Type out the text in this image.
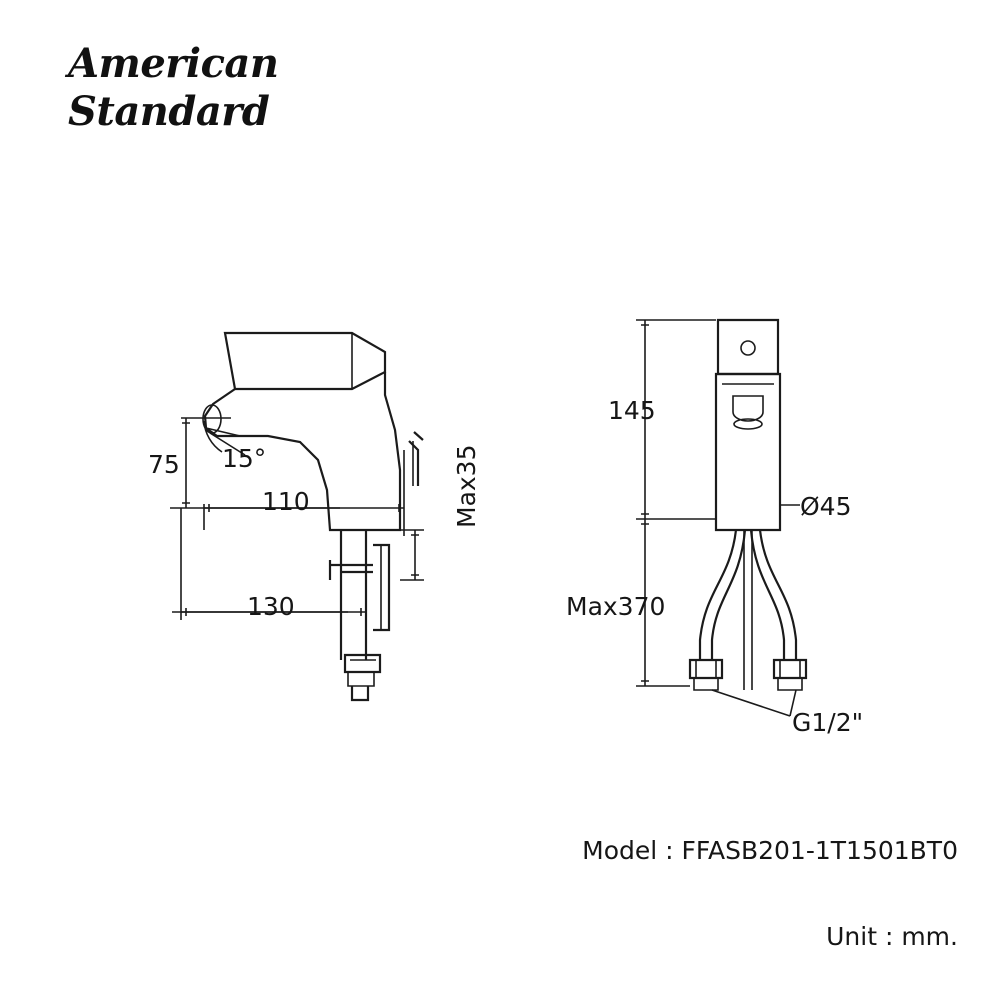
American
Standard
75 15°
110
130
Max35
145
Ø45
Max370
G1/2"
Model : FFASB201-1T1501BT0
Unit : mm.
